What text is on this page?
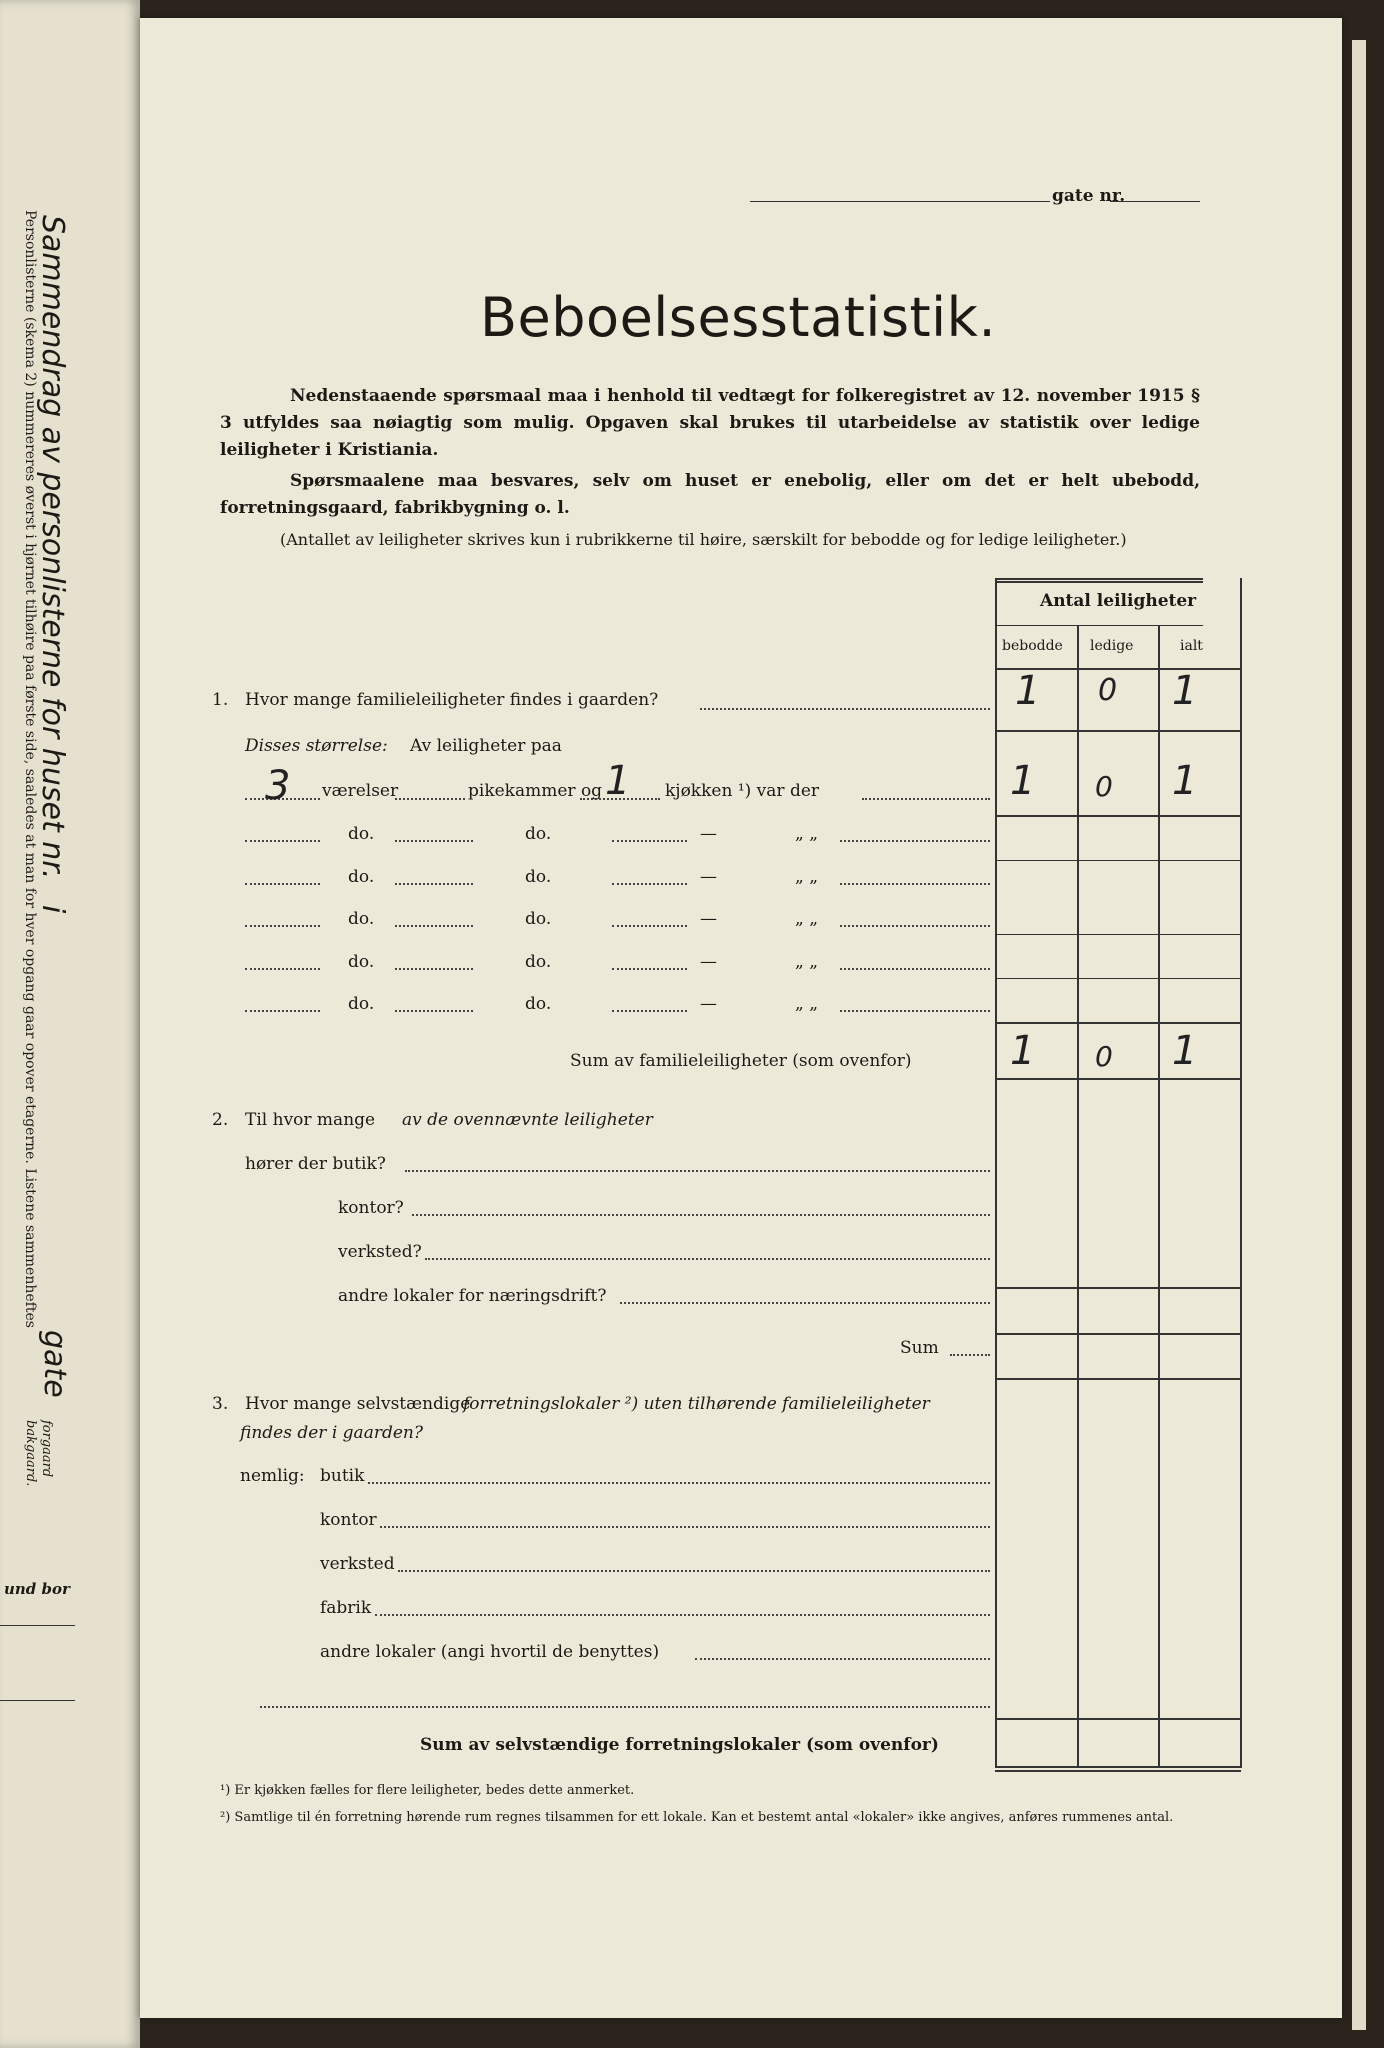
Sammendrag av personlisterne for huset nr.
Personlisterne (skema 2) nummereres øverst i hjørnet tilhøire paa første side, saaledes at man for hver opgang gaar opover etagerne. Listene sammenheftes
i
gate
forgaard
bakgaard.
und bor
gate nr.
Beboelsesstatistik.
Nedenstaaende spørsmaal maa i henhold til vedtægt for folkeregistret av 12. november 1915 § 3 utfyldes saa nøiagtig som mulig. Opgaven skal brukes til utarbeidelse av statistik over ledige leiligheter i Kristiania.
Spørsmaalene maa besvares, selv om huset er enebolig, eller om det er helt ubebodd, forretningsgaard, fabrikbygning o. l.
(Antallet av leiligheter skrives kun i rubrikkerne til høire, særskilt for bebodde og for ledige leiligheter.)
Antal leiligheter
bebodde ledige	ialt
1. Hvor mange familieleiligheter findes i gaarden?	1 0 1
Disses størrelse: Av leiligheter paa
3 værelser	pikekammer og 1 kjøkken ¹) var der	1 0 1
do.	do.	—	„ „
do.	do.	—	„ „
do.	do.	—	„ „
do.	do.	—	„ „
do.	do.	—	„ „
Sum av familieleiligheter (som ovenfor) 1 0 1
2. Til hvor mange av de ovennævnte leiligheter
hører der butik?
kontor?
verksted?
andre lokaler for næringsdrift?
Sum
3. Hvor mange selvstændige
forretningslokaler ²) uten tilhørende familieleiligheter
findes der i gaarden?
nemlig: butik
kontor
verksted
fabrik
andre lokaler (angi hvortil de benyttes)
Sum av selvstændige forretningslokaler (som ovenfor)
¹) Er kjøkken fælles for flere leiligheter, bedes dette anmerket.
²) Samtlige til én forretning hørende rum regnes tilsammen for ett lokale. Kan et bestemt antal «lokaler» ikke angives, anføres rummenes antal.
